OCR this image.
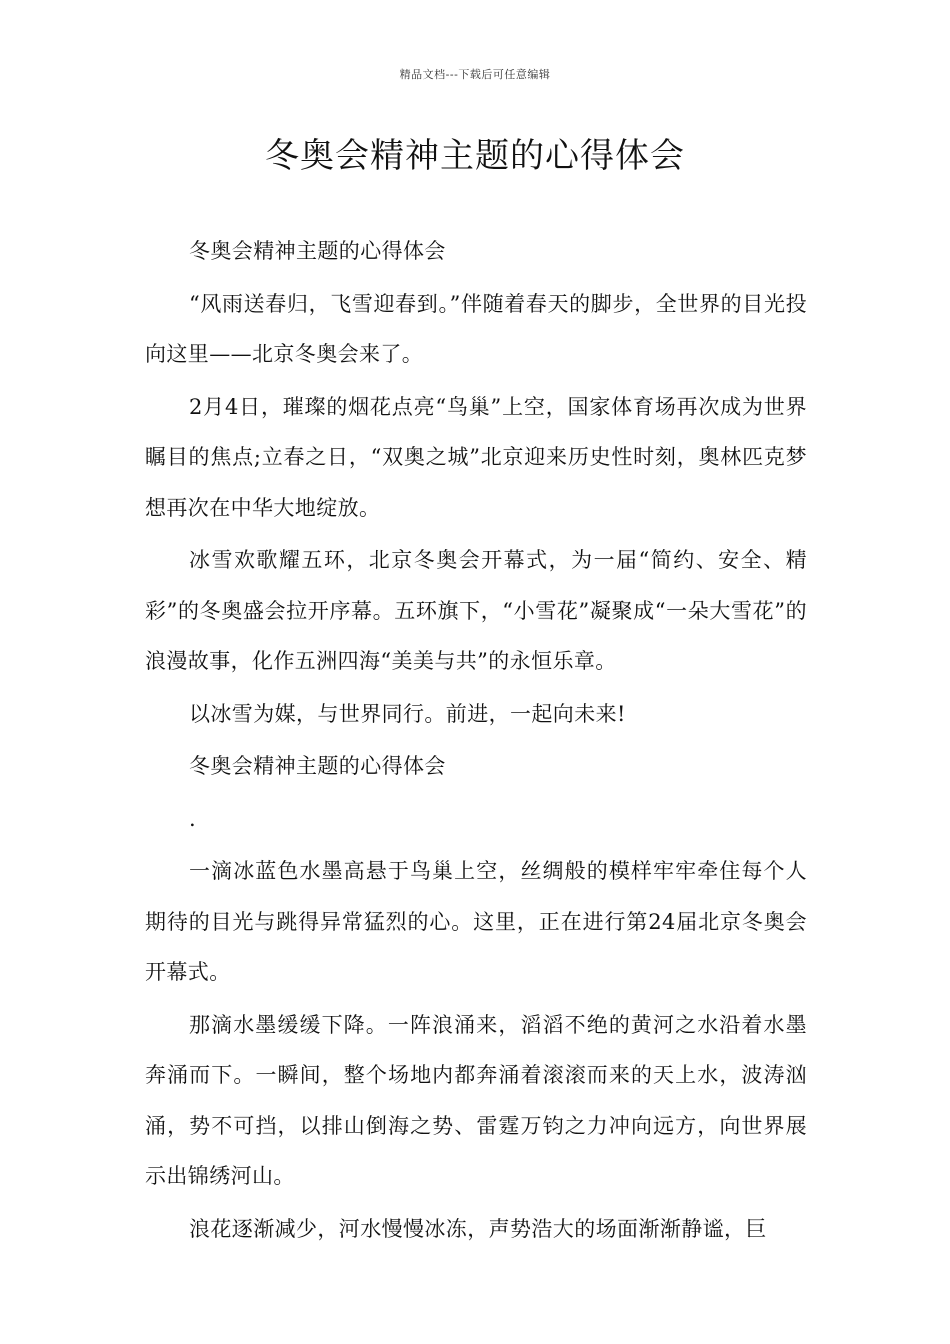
精品文档---下载后可任意编辑
冬奥会精神主题的心得体会

冬奥会精神主题的心得体会

“风雨送春归，飞雪迎春到。”伴随着春天的脚步，全世界的目光投向这里——北京冬奥会来了。

2月4日，璀璨的烟花点亮“鸟巢”上空，国家体育场再次成为世界瞩目的焦点;立春之日，“双奥之城”北京迎来历史性时刻，奥林匹克梦想再次在中华大地绽放。

冰雪欢歌耀五环，北京冬奥会开幕式，为一届“简约、安全、精彩”的冬奥盛会拉开序幕。五环旗下，“小雪花”凝聚成“一朵大雪花”的浪漫故事，化作五洲四海“美美与共”的永恒乐章。

以冰雪为媒，与世界同行。前进，一起向未来!

冬奥会精神主题的心得体会

.

一滴冰蓝色水墨高悬于鸟巢上空，丝绸般的模样牢牢牵住每个人期待的目光与跳得异常猛烈的心。这里，正在进行第24届北京冬奥会开幕式。

那滴水墨缓缓下降。一阵浪涌来，滔滔不绝的黄河之水沿着水墨奔涌而下。一瞬间，整个场地内都奔涌着滚滚而来的天上水，波涛汹涌，势不可挡，以排山倒海之势、雷霆万钧之力冲向远方，向世界展示出锦绣河山。

浪花逐渐减少，河水慢慢冰冻，声势浩大的场面渐渐静谧，巨
